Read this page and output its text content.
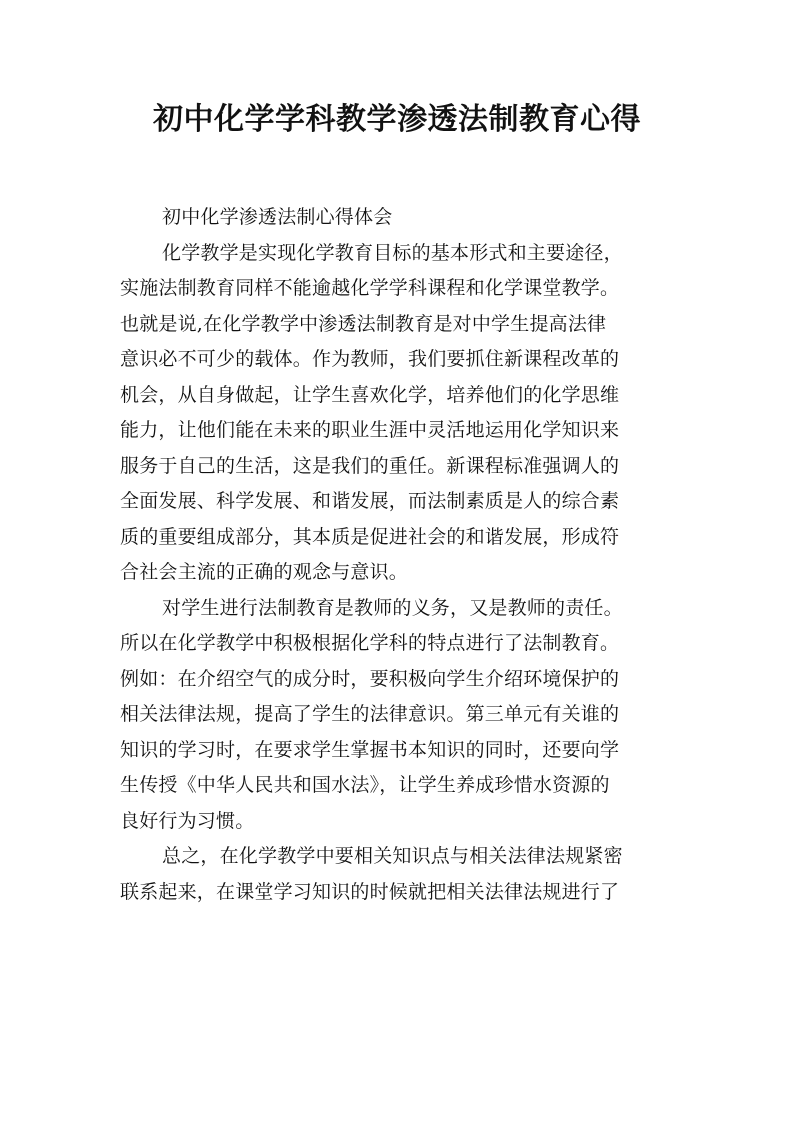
初中化学学科教学渗透法制教育心得
初中化学渗透法制心得体会
化学教学是实现化学教育目标的基本形式和主要途径，
实施法制教育同样不能逾越化学学科课程和化学课堂教学。
也就是说,在化学教学中渗透法制教育是对中学生提高法律
意识必不可少的载体。作为教师，我们要抓住新课程改革的
机会，从自身做起，让学生喜欢化学，培养他们的化学思维
能力，让他们能在未来的职业生涯中灵活地运用化学知识来
服务于自己的生活，这是我们的重任。新课程标准强调人的
全面发展、科学发展、和谐发展，而法制素质是人的综合素
质的重要组成部分，其本质是促进社会的和谐发展，形成符
合社会主流的正确的观念与意识。
对学生进行法制教育是教师的义务，又是教师的责任。
所以在化学教学中积极根据化学科的特点进行了法制教育。
例如：在介绍空气的成分时，要积极向学生介绍环境保护的
相关法律法规，提高了学生的法律意识。第三单元有关谁的
知识的学习时，在要求学生掌握书本知识的同时，还要向学
生传授《中华人民共和国水法》，让学生养成珍惜水资源的
良好行为习惯。
总之，在化学教学中要相关知识点与相关法律法规紧密
联系起来，在课堂学习知识的时候就把相关法律法规进行了
